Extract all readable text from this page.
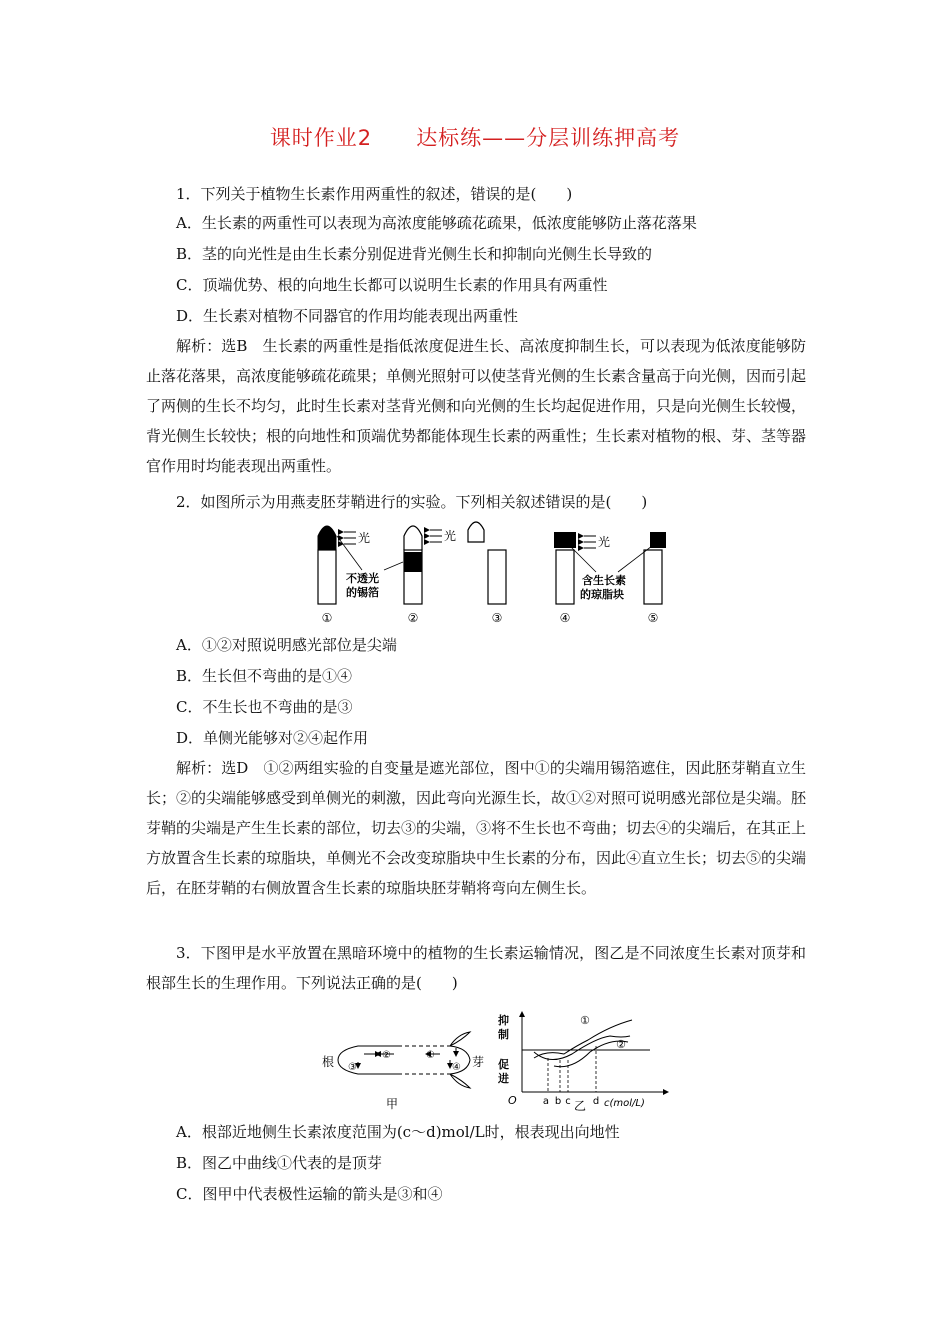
课时作业2 达标练——分层训练押高考
1．下列关于植物生长素作用两重性的叙述，错误的是(　　)
A．生长素的两重性可以表现为高浓度能够疏花疏果，低浓度能够防止落花落果
B．茎的向光性是由生长素分别促进背光侧生长和抑制向光侧生长导致的
C．顶端优势、根的向地生长都可以说明生长素的作用具有两重性
D．生长素对植物不同器官的作用均能表现出两重性
解析：选B　生长素的两重性是指低浓度促进生长、高浓度抑制生长，可以表现为低浓度能够防止落花落果，高浓度能够疏花疏果；单侧光照射可以使茎背光侧的生长素含量高于向光侧，因而引起了两侧的生长不均匀，此时生长素对茎背光侧和向光侧的生长均起促进作用，只是向光侧生长较慢，背光侧生长较快；根的向地性和顶端优势都能体现生长素的两重性；生长素对植物的根、芽、茎等器官作用时均能表现出两重性。
2．如图所示为用燕麦胚芽鞘进行的实验。下列相关叙述错误的是(　　)
光	光
不透光
的锡箔
光
含生长素
的琼脂块
①	②	③	④	⑤
A．①②对照说明感光部位是尖端
B．生长但不弯曲的是①④
C．不生长也不弯曲的是③
D．单侧光能够对②④起作用
解析：选D　①②两组实验的自变量是遮光部位，图中①的尖端用锡箔遮住，因此胚芽鞘直立生长；②的尖端能够感受到单侧光的刺激，因此弯向光源生长，故①②对照可说明感光部位是尖端。胚芽鞘的尖端是产生生长素的部位，切去③的尖端，③将不生长也不弯曲；切去④的尖端后，在其正上方放置含生长素的琼脂块，单侧光不会改变琼脂块中生长素的分布，因此④直立生长；切去⑤的尖端后，在胚芽鞘的右侧放置含生长素的琼脂块胚芽鞘将弯向左侧生长。
3．下图甲是水平放置在黑暗环境中的植物的生长素运输情况，图乙是不同浓度生长素对顶芽和根部生长的生理作用。下列说法正确的是(　　)
根	芽
②	①
③	④
甲
抑
制
促
进
O
①
②
a b c d c(mol/L)
乙
A．根部近地侧生长素浓度范围为(c～d)mol/L时，根表现出向地性
B．图乙中曲线①代表的是顶芽
C．图甲中代表极性运输的箭头是③和④
